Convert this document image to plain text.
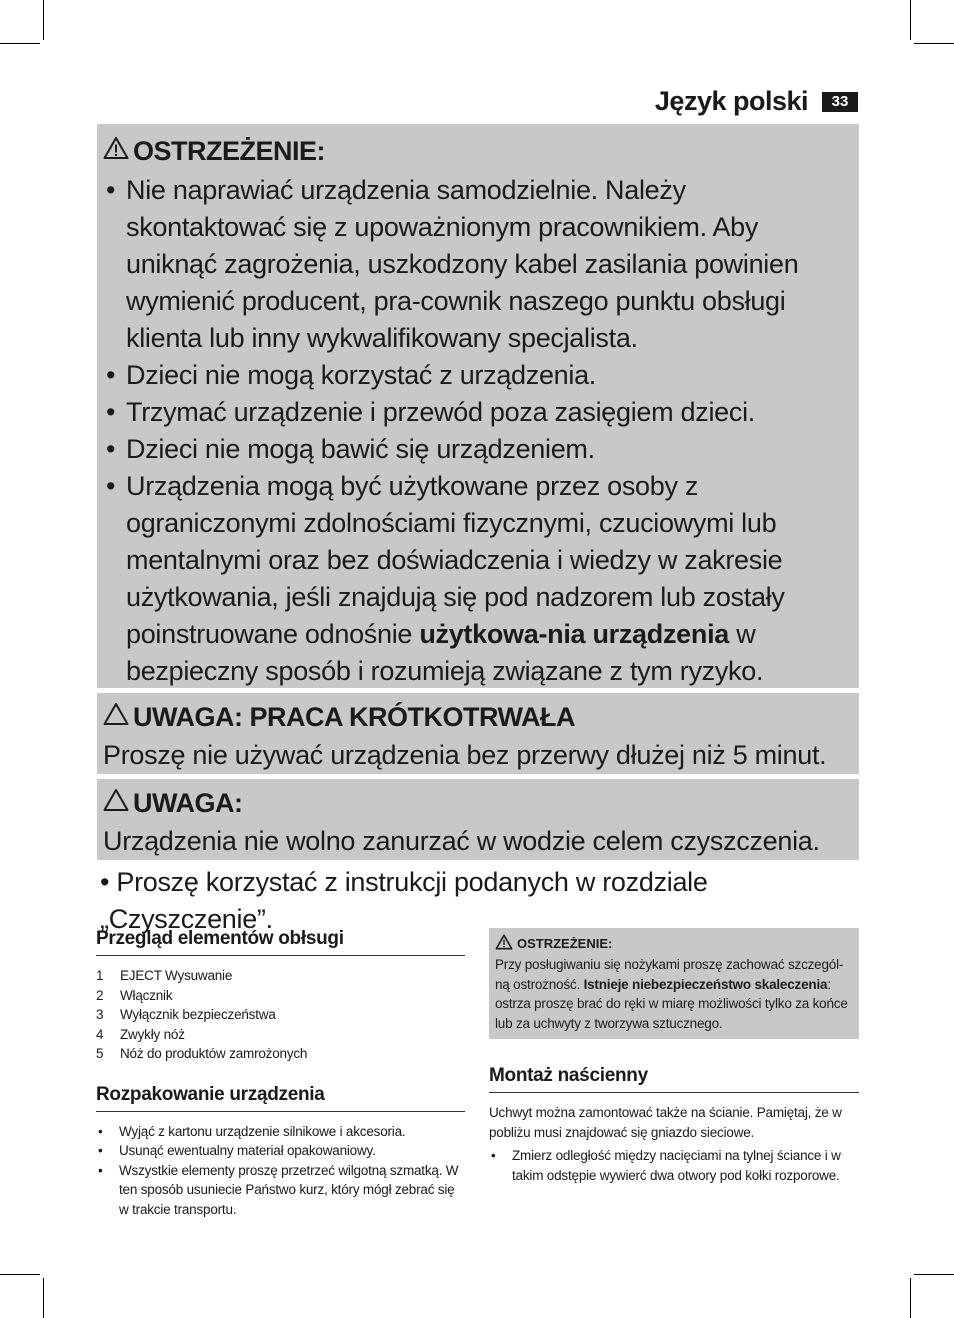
Język polski	33
OSTRZEŻENIE:
• Nie naprawiać urządzenia samodzielnie. Należy skontaktować się z upoważnionym pracownikiem. Aby uniknąć zagrożenia, uszkodzony kabel zasilania powinien wymienić producent, pra-cownik naszego punktu obsługi klienta lub inny wykwalifikowany specjalista.
• Dzieci nie mogą korzystać z urządzenia.
• Trzymać urządzenie i przewód poza zasięgiem dzieci.
• Dzieci nie mogą bawić się urządzeniem.
• Urządzenia mogą być użytkowane przez osoby z ograniczonymi zdolnościami fizycznymi, czuciowymi lub mentalnymi oraz bez doświadczenia i wiedzy w zakresie użytkowania, jeśli znajdują się pod nadzorem lub zostały poinstruowane odnośnie użytkowa-nia urządzenia w bezpieczny sposób i rozumieją związane z tym ryzyko.
UWAGA: PRACA KRÓTKOTRWAŁA
Proszę nie używać urządzenia bez przerwy dłużej niż 5 minut.
UWAGA:
Urządzenia nie wolno zanurzać w wodzie celem czyszczenia.
• Proszę korzystać z instrukcji podanych w rozdziale „Czyszczenie”.
Przegląd elementów obłsugi
1	EJECT Wysuwanie
2	Włącznik
3	Wyłącznik bezpieczeństwa
4	Zwykły nóż
5	Nóż do produktów zamrożonych
Rozpakowanie urządzenia
• Wyjąć z kartonu urządzenie silnikowe i akcesoria.
• Usunąć ewentualny materiał opakowaniowy.
• Wszystkie elementy proszę przetrzeć wilgotną szmatką. W ten sposób usuniecie Państwo kurz, który mógł zebrać się w trakcie transportu.
OSTRZEŻENIE:
Przy posługiwaniu się nożykami proszę zachować szczegól-ną ostrożność. Istnieje niebezpieczeństwo skaleczenia: ostrza proszę brać do ręki w miarę możliwości tylko za końce lub za uchwyty z tworzywa sztucznego.
Montaż naścienny
Uchwyt można zamontować także na ścianie. Pamiętaj, że w pobliżu musi znajdować się gniazdo sieciowe.
• Zmierz odległość między nacięciami na tylnej ściance i w takim odstępie wywierć dwa otwory pod kołki rozporowe.
